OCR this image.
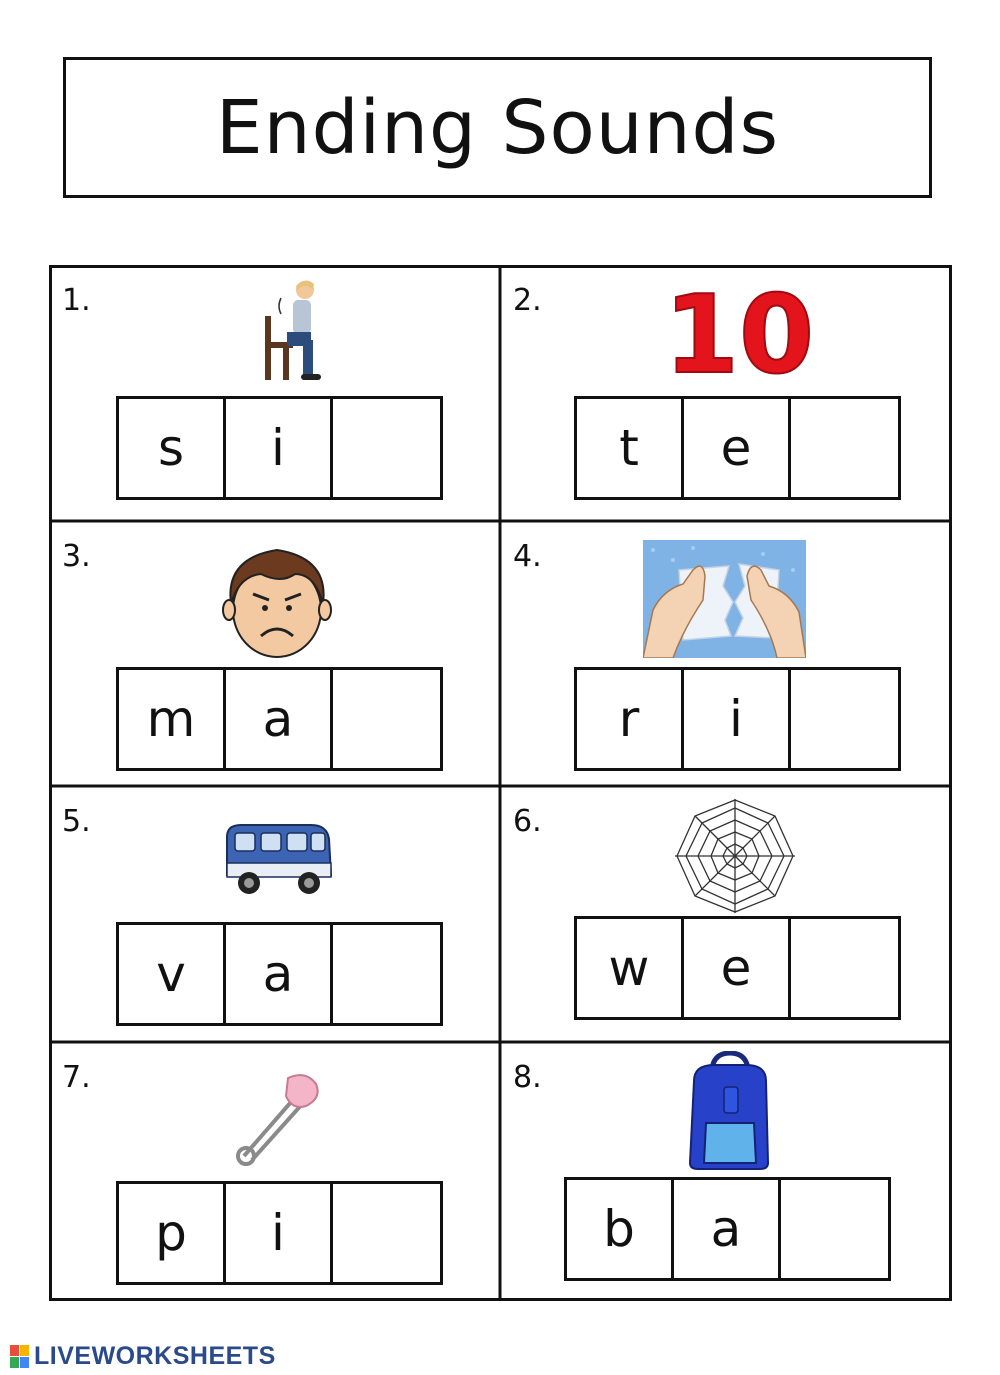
Ending Sounds
1.
s	i
2. 10
t	e
3.
m	a
4.
r	i
5.
v	a
6.
w	e
7.
p	i
8.
b	a
LIVEWORKSHEETS
